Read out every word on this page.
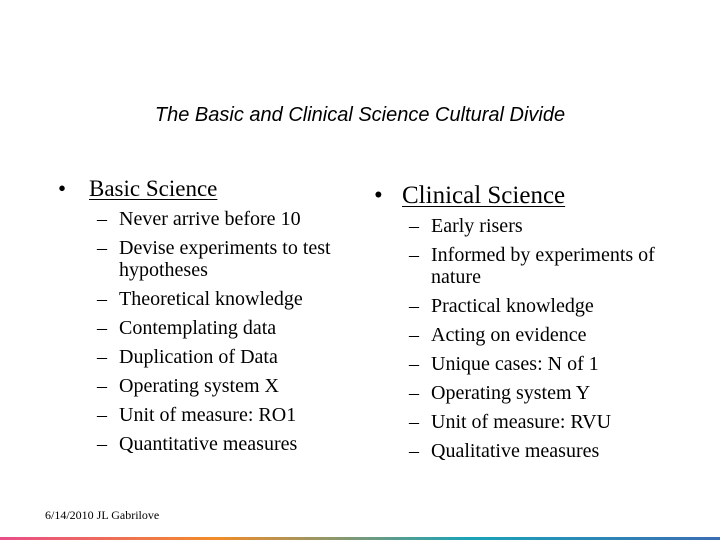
The Basic and Clinical Science Cultural Divide
• Basic Science
– Never arrive before 10
– Devise experiments to test hypotheses
– Theoretical knowledge
– Contemplating data
– Duplication of Data
– Operating system X
– Unit of measure: RO1
– Quantitative measures
• Clinical Science
– Early risers
– Informed by experiments of nature
– Practical knowledge
– Acting on evidence
– Unique cases: N of 1
– Operating system Y
– Unit of measure: RVU
– Qualitative measures
6/14/2010 JL Gabrilove
